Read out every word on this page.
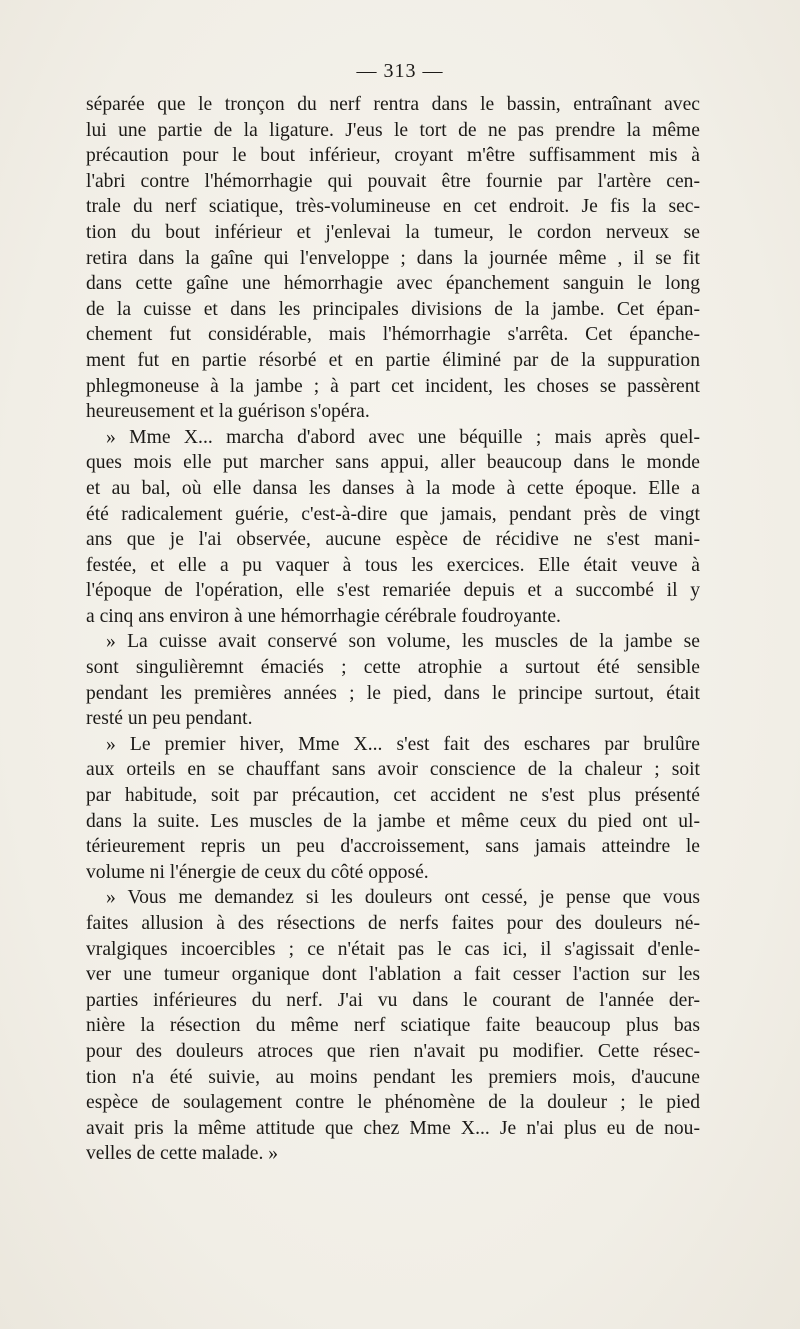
— 313 —
séparée que le tronçon du nerf rentra dans le bassin, entraînant avec
lui une partie de la ligature. J'eus le tort de ne pas prendre la même
précaution pour le bout inférieur, croyant m'être suffisamment mis à
l'abri contre l'hémorrhagie qui pouvait être fournie par l'artère cen-
trale du nerf sciatique, très-volumineuse en cet endroit. Je fis la sec-
tion du bout inférieur et j'enlevai la tumeur, le cordon nerveux se
retira dans la gaîne qui l'enveloppe ; dans la journée même , il se fit
dans cette gaîne une hémorrhagie avec épanchement sanguin le long
de la cuisse et dans les principales divisions de la jambe. Cet épan-
chement fut considérable, mais l'hémorrhagie s'arrêta. Cet épanche-
ment fut en partie résorbé et en partie éliminé par de la suppuration
phlegmoneuse à la jambe ; à part cet incident, les choses se passèrent
heureusement et la guérison s'opéra.
» Mme X... marcha d'abord avec une béquille ; mais après quel-
ques mois elle put marcher sans appui, aller beaucoup dans le monde
et au bal, où elle dansa les danses à la mode à cette époque. Elle a
été radicalement guérie, c'est-à-dire que jamais, pendant près de vingt
ans que je l'ai observée, aucune espèce de récidive ne s'est mani-
festée, et elle a pu vaquer à tous les exercices. Elle était veuve à
l'époque de l'opération, elle s'est remariée depuis et a succombé il y
a cinq ans environ à une hémorrhagie cérébrale foudroyante.
» La cuisse avait conservé son volume, les muscles de la jambe se
sont singulièremnt émaciés ; cette atrophie a surtout été sensible
pendant les premières années ; le pied, dans le principe surtout, était
resté un peu pendant.
» Le premier hiver, Mme X... s'est fait des eschares par brulûre
aux orteils en se chauffant sans avoir conscience de la chaleur ; soit
par habitude, soit par précaution, cet accident ne s'est plus présenté
dans la suite. Les muscles de la jambe et même ceux du pied ont ul-
térieurement repris un peu d'accroissement, sans jamais atteindre le
volume ni l'énergie de ceux du côté opposé.
» Vous me demandez si les douleurs ont cessé, je pense que vous
faites allusion à des résections de nerfs faites pour des douleurs né-
vralgiques incoercibles ; ce n'était pas le cas ici, il s'agissait d'enle-
ver une tumeur organique dont l'ablation a fait cesser l'action sur les
parties inférieures du nerf. J'ai vu dans le courant de l'année der-
nière la résection du même nerf sciatique faite beaucoup plus bas
pour des douleurs atroces que rien n'avait pu modifier. Cette résec-
tion n'a été suivie, au moins pendant les premiers mois, d'aucune
espèce de soulagement contre le phénomène de la douleur ; le pied
avait pris la même attitude que chez Mme X... Je n'ai plus eu de nou-
velles de cette malade. »
